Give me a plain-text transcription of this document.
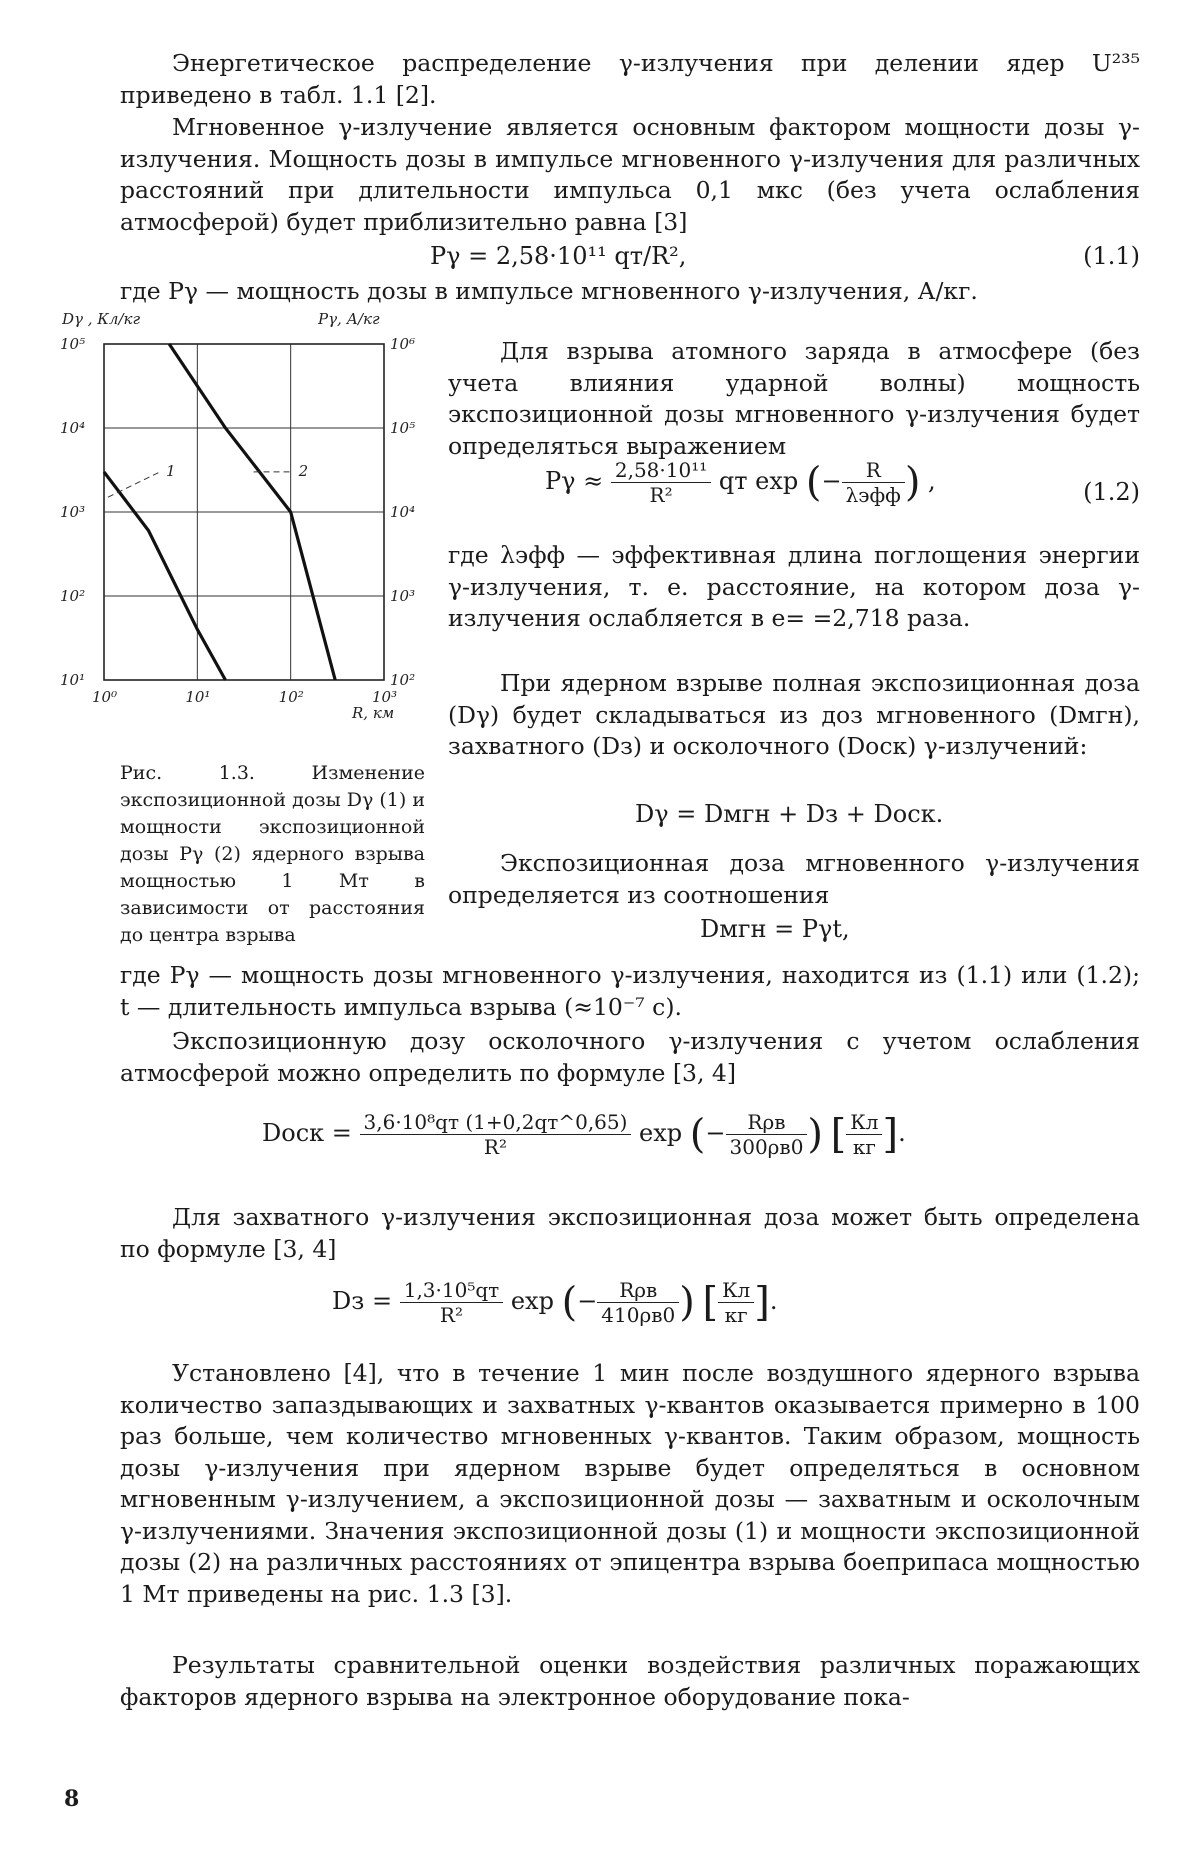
Энергетическое распределение γ-излучения при делении ядер U²³⁵ приведено в табл. 1.1 [2].

Мгновенное γ-излучение является основным фактором мощности дозы γ-излучения. Мощность дозы в импульсе мгновенного γ-излучения для различных расстояний при длительности импульса 0,1 мкс (без учета ослабления атмосферой) будет приблизительно равна [3]

Pγ = 2,58·10¹¹ qт/R²,	(1.1)

где Pγ — мощность дозы в импульсе мгновенного γ-излучения, А/кг.

Dγ , Кл/кг	Pγ, А/кг
R, км
10⁵
10⁴
10³
10²
10¹
10⁶
10⁵
10⁴
10³
10²
10⁰	10¹	10²	10³
1	2

Рис. 1.3. Изменение экспозиционной дозы Dγ (1) и мощности экспозиционной дозы Pγ (2) ядерного взрыва мощностью 1 Мт в зависимости от расстояния до центра взрыва

Для взрыва атомного заряда в атмосфере (без учета влияния ударной волны) мощность экспозиционной дозы мгновенного γ-излучения будет определяться выражением

$P\gamma \approx \frac{\text{2,58·10¹¹}}{\text{R²}}$ qт exp (− $\frac{R}{\text{λэфф}}$ ) ,	(1.2)

где λэфф — эффективная длина поглощения энергии γ-излучения, т. е. расстояние, на котором доза γ-излучения ослабляется в e= =2,718 раза.

При ядерном взрыве полная экспозиционная доза (Dγ) будет складываться из доз мгновенного (Dмгн), захватного (Dз) и осколочного (Dоск) γ-излучений:

Dγ = Dмгн + Dз + Dоск.

Экспозиционная доза мгновенного γ-излучения определяется из соотношения

Dмгн = Pγt,

где Pγ — мощность дозы мгновенного γ-излучения, находится из (1.1) или (1.2); t — длительность импульса взрыва (≈10⁻⁷ с).

Экспозиционную дозу осколочного γ-излучения с учетом ослабления атмосферой можно определить по формуле [3, 4]

Dоск = $\frac{\text{3,6·10⁸qт (1+0,2qт\textasciicircum{}0,65)}}{\text{R²}}$ exp (− $\frac{\text{Rρв}}{300\rho в0}$ ) [ $\frac{Кл}{кг}$ ].

Для захватного γ-излучения экспозиционная доза может быть определена по формуле [3, 4]

Dз = $\frac{\text{1,3·10⁵qт}}{\text{R²}}$ exp (− $\frac{\text{Rρв}}{410\rho в0}$ ) [ $\frac{Кл}{кг}$ ].

Установлено [4], что в течение 1 мин после воздушного ядерного взрыва количество запаздывающих и захватных γ-квантов оказывается примерно в 100 раз больше, чем количество мгновенных γ-квантов. Таким образом, мощность дозы γ-излучения при ядерном взрыве будет определяться в основном мгновенным γ-излучением, а экспозиционной дозы — захватным и осколочным γ-излучениями. Значения экспозиционной дозы (1) и мощности экспозиционной дозы (2) на различных расстояниях от эпицентра взрыва боеприпаса мощностью 1 Мт приведены на рис. 1.3 [3].

Результаты сравнительной оценки воздействия различных поражающих факторов ядерного взрыва на электронное оборудование пока-

8
